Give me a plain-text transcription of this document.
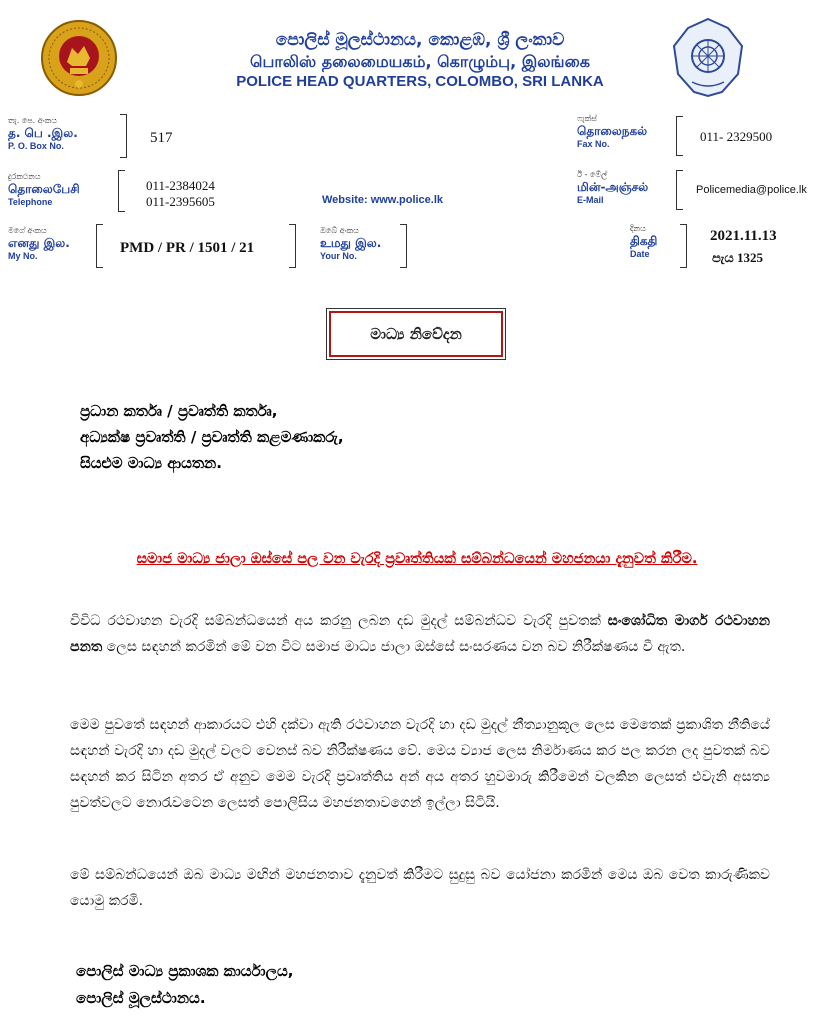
පොලිස් මූලස්ථානය, කොළඹ, ශ්‍රී ලංකාව
பொலிஸ் தலைமையகம், கொழும்பு, இலங்கை
POLICE HEAD QUARTERS, COLOMBO, SRI LANKA
තැ. පෙ. අංකය
த. பெ .இல.
P. O. Box No.	517
ෆැක්ස්
தொலைநகல்
Fax No.	011- 2329500
දුරකථනය
தொலைபேசி
Telephone
011-2384024
011-2395605	Website: www.police.lk
ඊ - මේල්
மின்-அஞ்சல்
E-Mail
Policemedia@police.lk
මගේ අංකය
எனது இல.
My No.	PMD / PR / 1501 / 21
ඔබේ අංකය
உமது இல.
Your No.
දිනය
திகதி
Date
2021.11.13
පැය 1325
මාධ්‍ය නිවේදන
ප්‍රධාන කර්තෘ / ප්‍රවෘත්ති කර්තෘ,
අධ්‍යක්ෂ ප්‍රවෘත්ති / ප්‍රවෘත්ති කළමණාකරු,
සියළුම මාධ්‍ය ආයතන.
සමාජ මාධ්‍ය ජාලා ඔස්සේ පල වන වැරදි ප්‍රවෘත්තියක් සම්බන්ධයෙන් මහජනයා දැනුවත් කිරීම.
විවිධ රථවාහන වැරදි සම්බන්ධයෙන් අය කරනු ලබන දඩ මුදල් සම්බන්ධව වැරදි පුවතක් සංශෝධිත මාර්ග රථවාහන පනත ලෙස සඳහන් කරමින් මේ වන විට සමාජ මාධ්‍ය ජාලා ඔස්සේ සංසරණය වන බව නිරීක්ෂණය වී ඇත.
මෙම පුවතේ සඳහන් ආකාරයට එහි දක්වා ඇති රථවාහන වැරදි හා දඩ මුදල් නීත්‍යානුකූල ලෙස මෙතෙක් ප්‍රකාශිත නීතියේ සඳහන් වැරදි හා දඩ මුදල් වලට වෙනස් බව නිරීක්ෂණය වේ. මෙය ව්‍යාජ ලෙස නිර්මාණය කර පල කරන ලද පුවතක් බව සඳහන් කර සිටින අතර ඒ අනුව මෙම වැරදි ප්‍රවෘත්තිය අන් අය අතර හුවමාරු කිරීමෙන් වලකින ලෙසත් එවැනි අසත්‍ය පුවත්වලට නොරැවටෙන ලෙසත් පොලිසිය මහජනතාවගෙන් ඉල්ලා සිටියි.
මේ සම්බන්ධයෙන් ඔබ මාධ්‍ය මඟින් මහජනතාව දැනුවත් කිරීමට සුදුසු බව යෝජනා කරමින් මෙය ඔබ වෙත කාරුණිකව යොමු කරමි.
පොලිස් මාධ්‍ය ප්‍රකාශක කාර්යාලය,
පොලිස් මූලස්ථානය.
